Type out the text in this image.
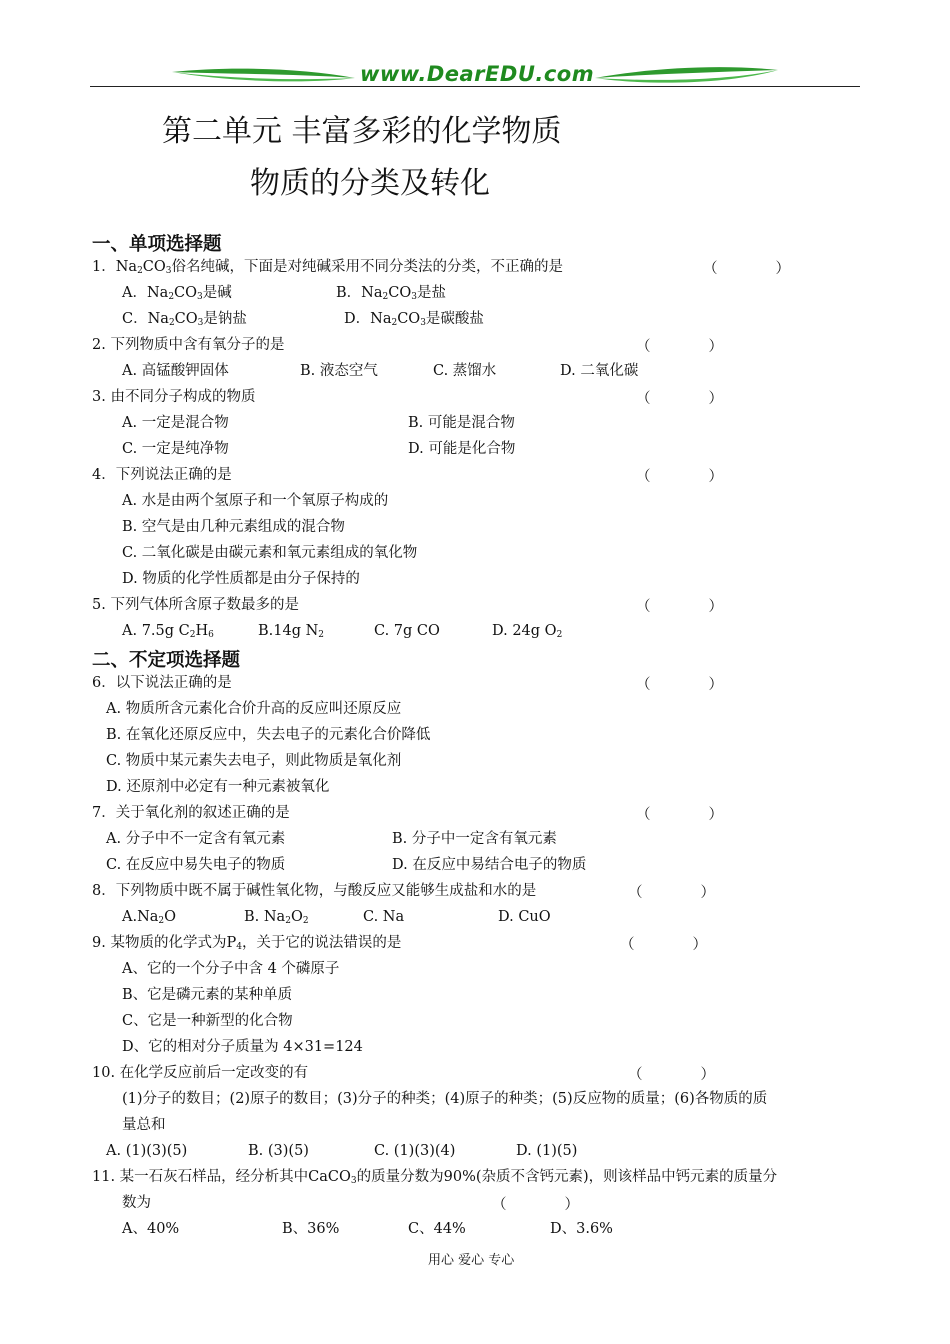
www.DearEDU.com
第二单元 丰富多彩的化学物质
物质的分类及转化
一、单项选择题
1．$Na_2CO_3$俗名纯碱，下面是对纯碱采用不同分类法的分类，不正确的是	（　　　　）
A．$Na_2CO_3$是碱	B．$Na_2CO_3$是盐
C．$Na_2CO_3$是钠盐	D．$Na_2CO_3$是碳酸盐
2. 下列物质中含有氧分子的是	（　　　　）
A. 高锰酸钾固体	B. 液态空气	C. 蒸馏水	D. 二氧化碳
3. 由不同分子构成的物质	（　　　　）
A. 一定是混合物	B. 可能是混合物
C. 一定是纯净物	D. 可能是化合物
4．下列说法正确的是	（　　　　）
A. 水是由两个氢原子和一个氧原子构成的
B. 空气是由几种元素组成的混合物
C. 二氧化碳是由碳元素和氧元素组成的氧化物
D. 物质的化学性质都是由分子保持的
5. 下列气体所含原子数最多的是	（　　　　）
A. 7.5g $C_2H_6$	B.14g $N_2$	C. 7g CO	D. 24g $O_2$
二、不定项选择题
6．以下说法正确的是	（　　　　）
A. 物质所含元素化合价升高的反应叫还原反应
B. 在氧化还原反应中，失去电子的元素化合价降低
C. 物质中某元素失去电子，则此物质是氧化剂
D. 还原剂中必定有一种元素被氧化
7．关于氧化剂的叙述正确的是	（　　　　）
A. 分子中不一定含有氧元素	B. 分子中一定含有氧元素
C. 在反应中易失电子的物质	D. 在反应中易结合电子的物质
8．下列物质中既不属于碱性氧化物，与酸反应又能够生成盐和水的是	（　　　　）
$A.Na_2O$	B. $Na_2O_2$	C. Na	D. CuO
9. 某物质的化学式为$P_4$，关于它的说法错误的是	（　　　　）
A、它的一个分子中含 4 个磷原子
B、它是磷元素的某种单质
C、它是一种新型的化合物
D、它的相对分子质量为 4×31=124
10. 在化学反应前后一定改变的有	（　　　　）
(1)分子的数目；(2)原子的数目；(3)分子的种类；(4)原子的种类；(5)反应物的质量；(6)各物质的质
量总和
A. (1)(3)(5)	B. (3)(5)	C. (1)(3)(4)	D. (1)(5)
11. 某一石灰石样品，经分析其中CaCO$_3$的质量分数为90%(杂质不含钙元素)，则该样品中钙元素的质量分
数为	（　　　　）
A、40%	B、36%	C、44%	D、3.6%
用心 爱心 专心
